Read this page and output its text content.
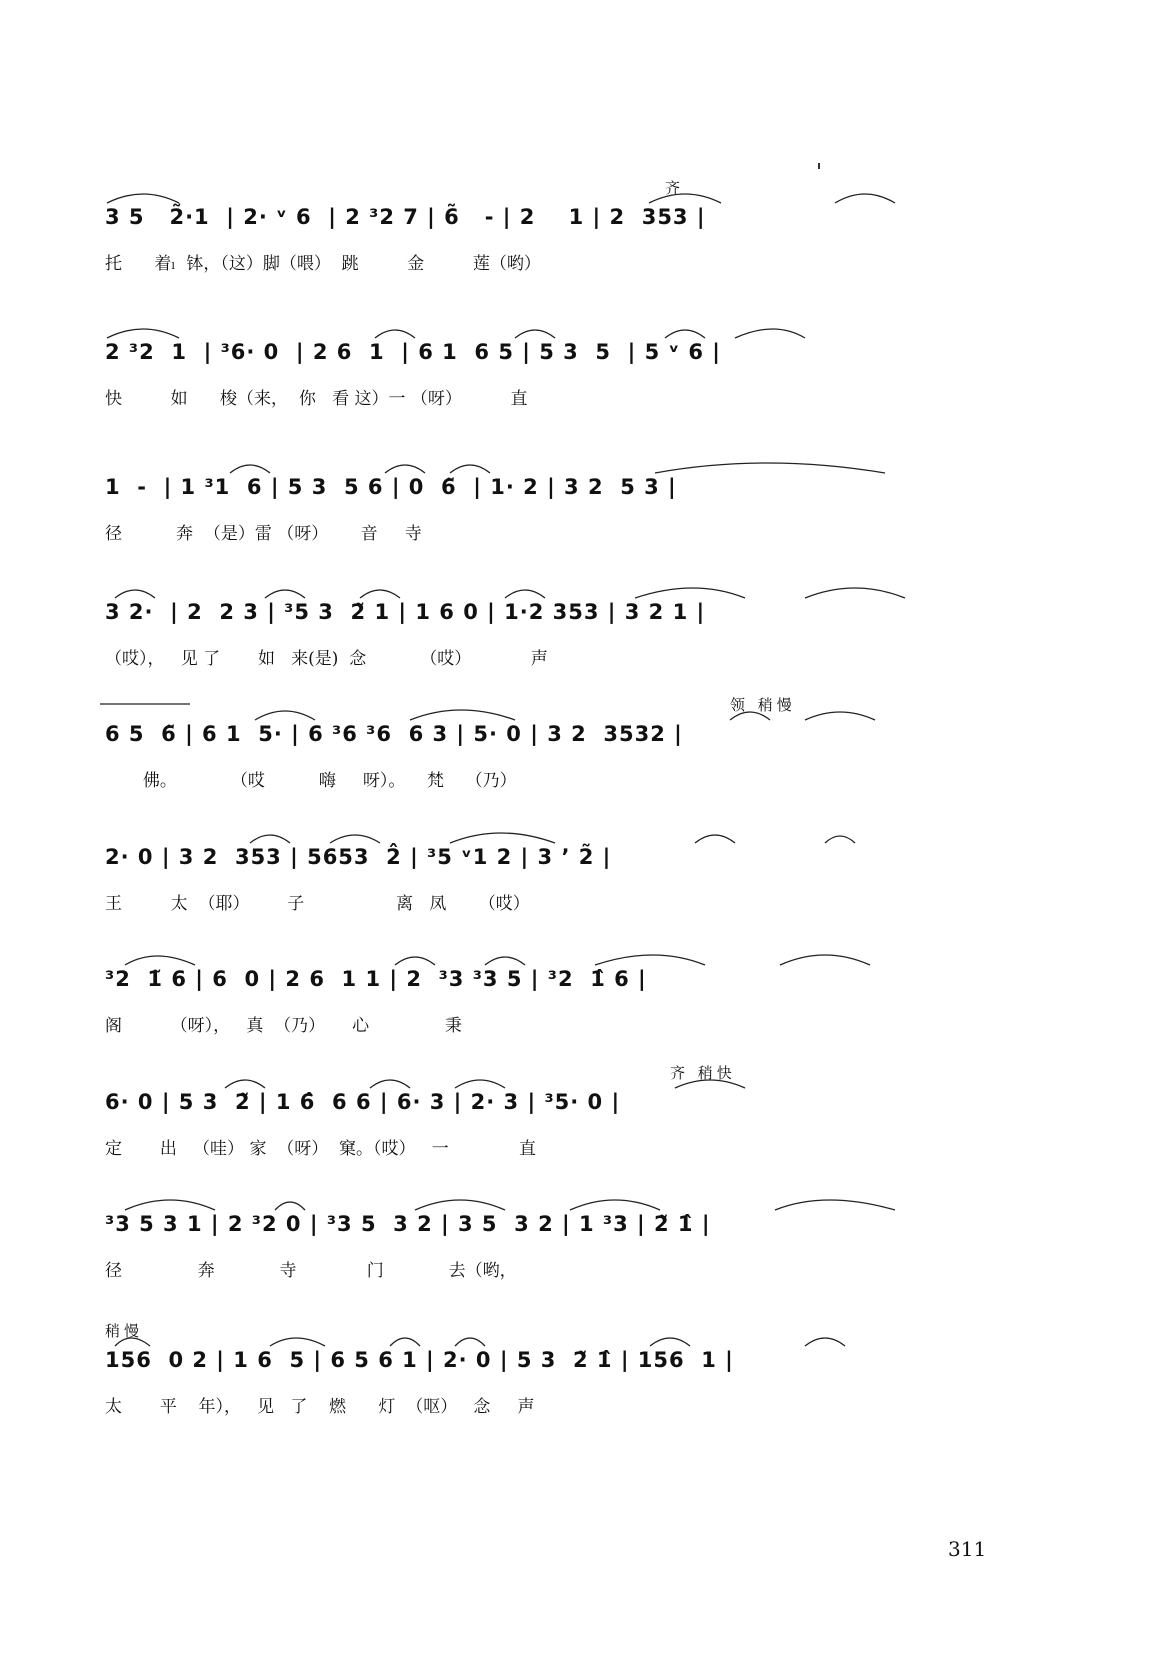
齐
3 5   2̃·1  | 2· ᵛ 6  | 2 ³2 7 | 6̃   - | 2    1 | 2  353 |
托      着ₗ  钵，（这）脚（喂）  跳         金         莲（哟）
2 ³2  1  | ³6· 0  | 2 6  1  | 6 1  6 5 | 5 3  5  | 5 ᵛ 6 |
快         如      梭（来，  你   看 这）一 （呀）         直
1  -  | 1 ³1  6 | 5 3  5 6 | 0  6̃  | 1· 2 | 3 2  5 3 |
径          奔  （是）雷 （呀）      音     寺
3 2·  | 2  2 3 | ³5 3  2̃ 1 | 1 6 0 | 1·2 353 | 3 2 1 |
（哎），   见 了       如   来(是)  念          （哎）           声
领 稍慢
6 5  6̃ | 6 1  5· | 6 ³6 ³6  6 3 | 5· 0 | 3 2  3532 |
佛。          （哎          嗨     呀）。    梵    （乃）
2· 0 | 3 2  353 | 5653  2̂ | ³5 ᵛ1 2 | 3 ʼ 2̃ |
王         太  （耶）       子                 离   凤      （哎）
³2  1̃ 6 | 6  0 | 2 6  1 1 | 2  ³3 ³3 5 | ³2  1̂ 6 |
阁         （呀），   真  （乃）     心              秉
齐 稍快
6· 0 | 5 3  2̃ | 1 6̂  6 6 | 6· 3 | 2· 3 | ³5· 0 |
定       出   （哇） 家  （呀）  窠。（哎）   一             直
³3 5 3 1 | 2 ³2 0 | ³3 5  3 2 | 3 5  3 2 | 1 ³3 | 2̃ 1̂ |
径              奔            寺             门            去（哟，
稍慢
156  0 2 | 1 6  5 | 6 5 6 1 | 2· 0 | 5 3  2̃ 1̂ | 156  1 |
太       平    年），   见   了    燃      灯  （呕）   念     声
311
